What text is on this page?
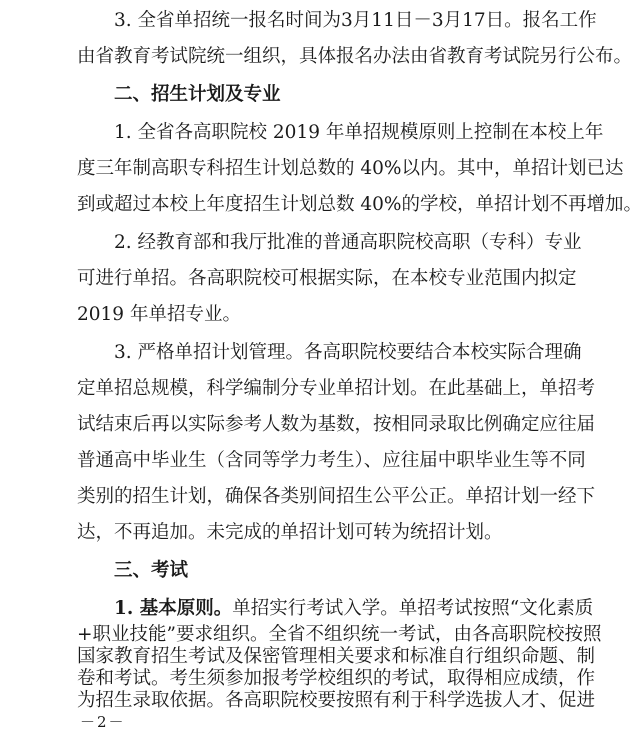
3. 全省单招统一报名时间为3月11日－3月17日。报名工作
由省教育考试院统一组织，具体报名办法由省教育考试院另行公布。
二、招生计划及专业
1. 全省各高职院校 2019 年单招规模原则上控制在本校上年
度三年制高职专科招生计划总数的 40%以内。其中，单招计划已达
到或超过本校上年度招生计划总数 40%的学校，单招计划不再增加。
2. 经教育部和我厅批准的普通高职院校高职（专科）专业
可进行单招。各高职院校可根据实际，在本校专业范围内拟定
2019 年单招专业。
3. 严格单招计划管理。各高职院校要结合本校实际合理确
定单招总规模，科学编制分专业单招计划。在此基础上，单招考
试结束后再以实际参考人数为基数，按相同录取比例确定应往届
普通高中毕业生（含同等学力考生）、应往届中职毕业生等不同
类别的招生计划，确保各类别间招生公平公正。单招计划一经下
达，不再追加。未完成的单招计划可转为统招计划。
三、考试
1. 基本原则。单招实行考试入学。单招考试按照“文化素质
+职业技能”要求组织。全省不组织统一考试，由各高职院校按照
国家教育招生考试及保密管理相关要求和标准自行组织命题、制
卷和考试。考生须参加报考学校组织的考试，取得相应成绩，作
为招生录取依据。各高职院校要按照有利于科学选拔人才、促进
－2－
